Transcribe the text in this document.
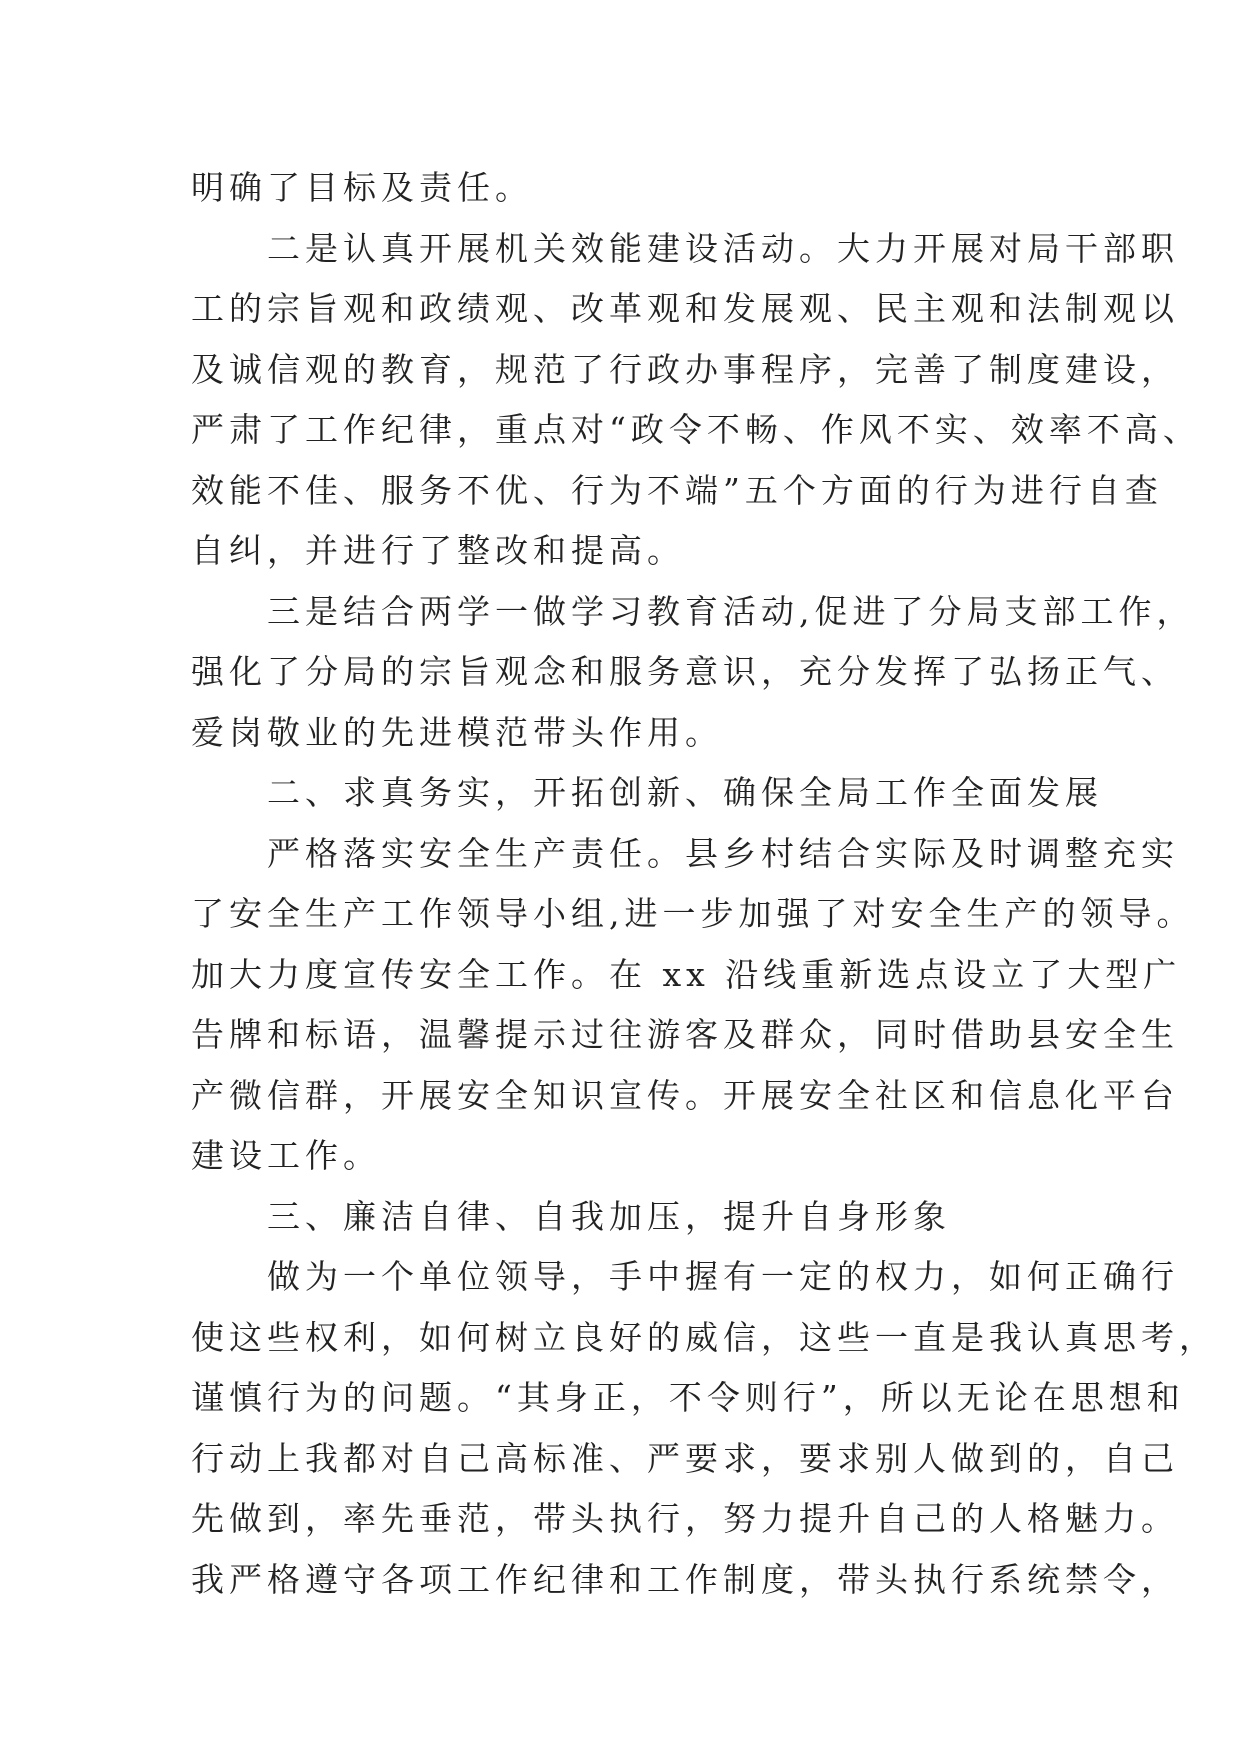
明确了目标及责任。
二是认真开展机关效能建设活动。大力开展对局干部职
工的宗旨观和政绩观、改革观和发展观、民主观和法制观以
及诚信观的教育，规范了行政办事程序，完善了制度建设，
严肃了工作纪律，重点对“政令不畅、作风不实、效率不高、
效能不佳、服务不优、行为不端”五个方面的行为进行自查
自纠，并进行了整改和提高。
三是结合两学一做学习教育活动,促进了分局支部工作，
强化了分局的宗旨观念和服务意识，充分发挥了弘扬正气、
爱岗敬业的先进模范带头作用。
二、求真务实，开拓创新、确保全局工作全面发展
严格落实安全生产责任。县乡村结合实际及时调整充实
了安全生产工作领导小组,进一步加强了对安全生产的领导。
加大力度宣传安全工作。在 xx 沿线重新选点设立了大型广
告牌和标语，温馨提示过往游客及群众，同时借助县安全生
产微信群，开展安全知识宣传。开展安全社区和信息化平台
建设工作。
三、廉洁自律、自我加压，提升自身形象
做为一个单位领导，手中握有一定的权力，如何正确行
使这些权利，如何树立良好的威信，这些一直是我认真思考，
谨慎行为的问题。“其身正，不令则行”，所以无论在思想和
行动上我都对自己高标准、严要求，要求别人做到的，自己
先做到，率先垂范，带头执行，努力提升自己的人格魅力。
我严格遵守各项工作纪律和工作制度，带头执行系统禁令，
